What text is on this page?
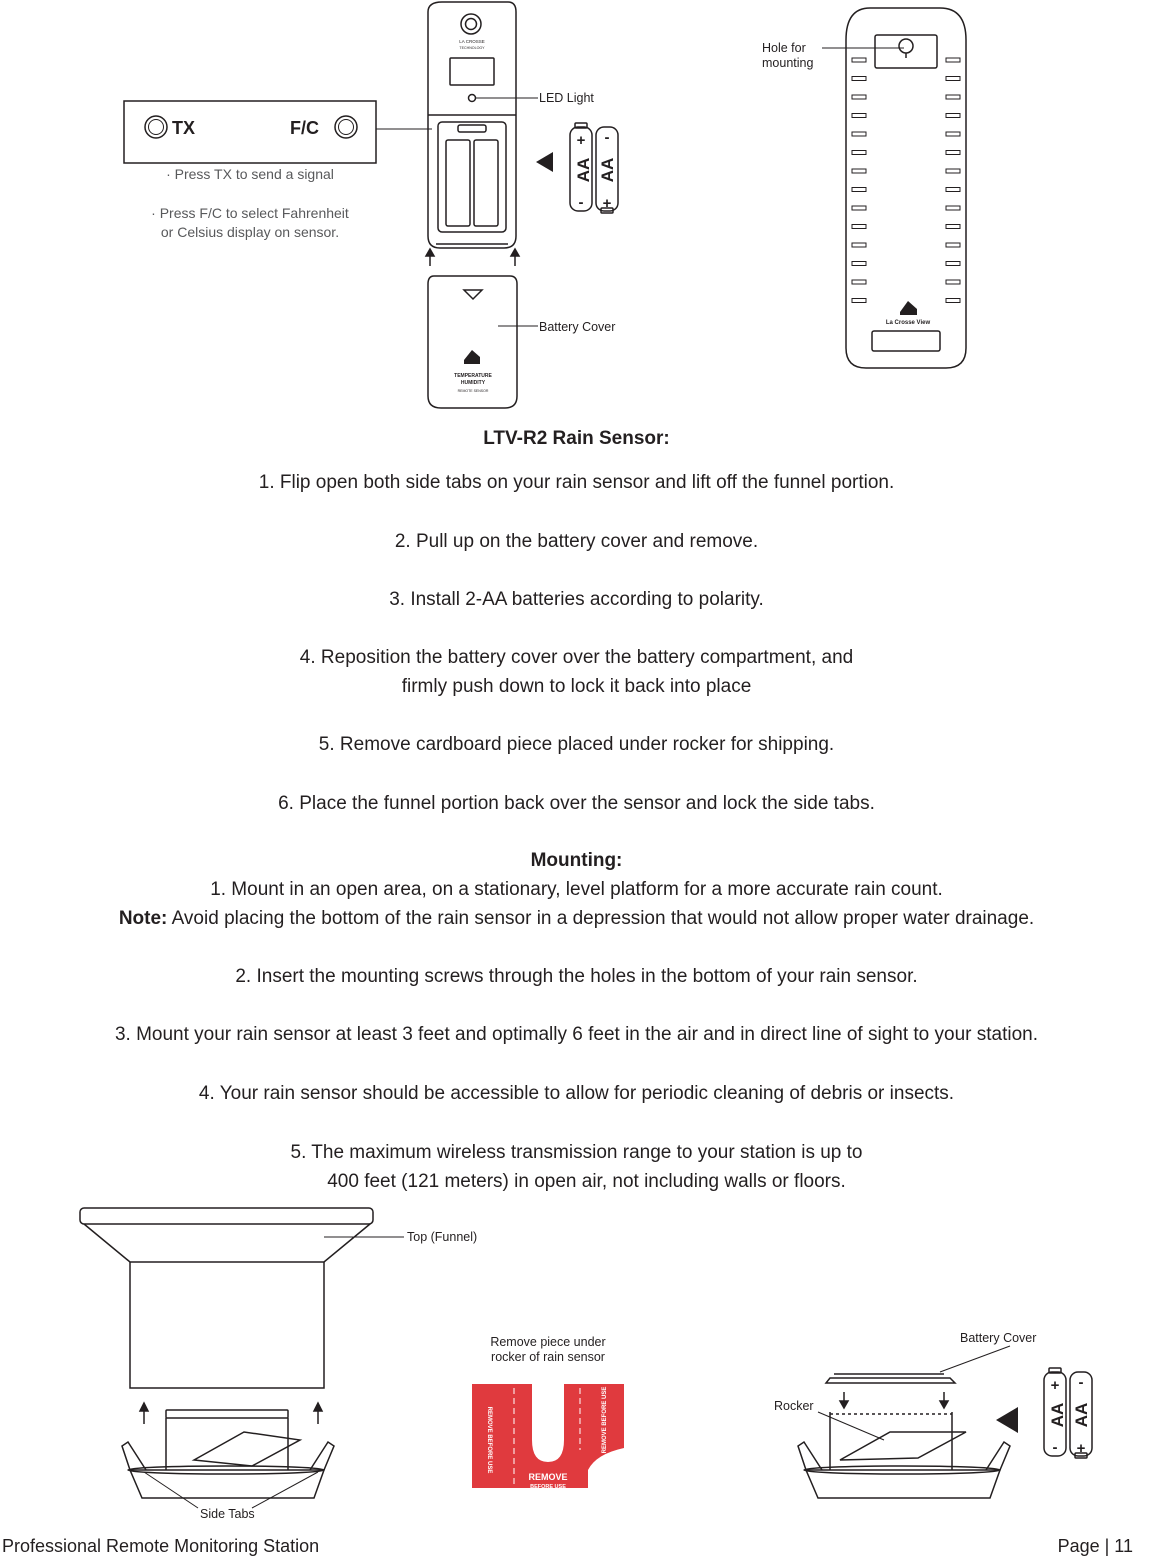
TX	F/C
LA CROSSE
TECHNOLOGY
LED Light
TEMPERATURE
HUMIDITY
REMOTE SENSOR
Battery Cover
+
-
AA
-
+
AA
La Crosse View
Hole for
mounting
· Press TX to send a signal
· Press F/C to select Fahrenheit
or Celsius display on sensor.
LTV-R2 Rain Sensor:
1. Flip open both side tabs on your rain sensor and lift off the funnel portion.
2. Pull up on the battery cover and remove.
3. Install 2-AA batteries according to polarity.
4. Reposition the battery cover over the battery compartment, and
firmly push down to lock it back into place
5. Remove cardboard piece placed under rocker for shipping.
6. Place the funnel portion back over the sensor and lock the side tabs.
Mounting:
1. Mount in an open area, on a stationary, level platform for a more accurate rain count.
Note: Avoid placing the bottom of the rain sensor in a depression that would not allow proper water drainage.
2. Insert the mounting screws through the holes in the bottom of your rain sensor.
3. Mount your rain sensor at least 3 feet and optimally 6 feet in the air and in direct line of sight to your station.
4. Your rain sensor should be accessible to allow for periodic cleaning of debris or insects.
5. The maximum wireless transmission range to your station is up to
400 feet (121 meters) in open air, not including walls or floors.
Top (Funnel)
Side Tabs
Remove piece under
rocker of rain sensor
REMOVE BEFORE USE	REMOVE BEFORE USE
REMOVE
BEFORE USE
Battery Cover
Rocker
+
-
AA
-
+
AA
Professional Remote Monitoring Station	Page | 11
